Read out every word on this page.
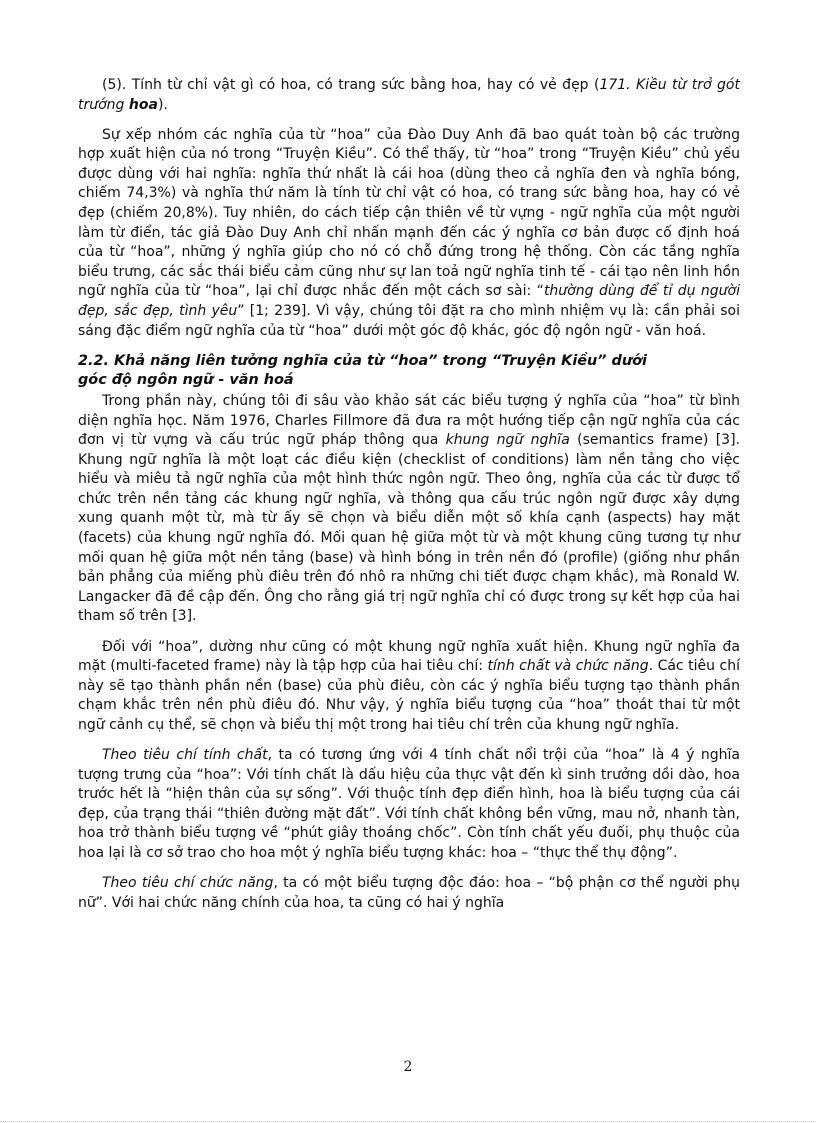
(5). Tính từ chỉ vật gì có hoa, có trang sức bằng hoa, hay có vẻ đẹp (171. Kiều từ trở gót trướng hoa).

Sự xếp nhóm các nghĩa của từ “hoa” của Đào Duy Anh đã bao quát toàn bộ các trường hợp xuất hiện của nó trong “Truyện Kiều”. Có thể thấy, từ “hoa” trong “Truyện Kiều” chủ yếu được dùng với hai nghĩa: nghĩa thứ nhất là cái hoa (dùng theo cả nghĩa đen và nghĩa bóng, chiếm 74,3%) và nghĩa thứ năm là tính từ chỉ vật có hoa, có trang sức bằng hoa, hay có vẻ đẹp (chiếm 20,8%). Tuy nhiên, do cách tiếp cận thiên về từ vựng - ngữ nghĩa của một người làm từ điển, tác giả Đào Duy Anh chỉ nhấn mạnh đến các ý nghĩa cơ bản được cố định hoá của từ “hoa”, những ý nghĩa giúp cho nó có chỗ đứng trong hệ thống. Còn các tầng nghĩa biểu trưng, các sắc thái biểu cảm cũng như sự lan toả ngữ nghĩa tinh tế - cái tạo nên linh hồn ngữ nghĩa của từ “hoa”, lại chỉ được nhắc đến một cách sơ sài: “thường dùng để tỉ dụ người đẹp, sắc đẹp, tình yêu” [1; 239]. Vì vậy, chúng tôi đặt ra cho mình nhiệm vụ là: cần phải soi sáng đặc điểm ngữ nghĩa của từ “hoa” dưới một góc độ khác, góc độ ngôn ngữ - văn hoá.

2.2. Khả năng liên tưởng nghĩa của từ “hoa” trong “Truyện Kiều” dưới
góc độ ngôn ngữ - văn hoá

Trong phần này, chúng tôi đi sâu vào khảo sát các biểu tượng ý nghĩa của “hoa” từ bình diện nghĩa học. Năm 1976, Charles Fillmore đã đưa ra một hướng tiếp cận ngữ nghĩa của các đơn vị từ vựng và cấu trúc ngữ pháp thông qua khung ngữ nghĩa (semantics frame) [3]. Khung ngữ nghĩa là một loạt các điều kiện (checklist of conditions) làm nền tảng cho việc hiểu và miêu tả ngữ nghĩa của một hình thức ngôn ngữ. Theo ông, nghĩa của các từ được tổ chức trên nền tảng các khung ngữ nghĩa, và thông qua cấu trúc ngôn ngữ được xây dựng xung quanh một từ, mà từ ấy sẽ chọn và biểu diễn một số khía cạnh (aspects) hay mặt (facets) của khung ngữ nghĩa đó. Mối quan hệ giữa một từ và một khung cũng tương tự như mối quan hệ giữa một nền tảng (base) và hình bóng in trên nền đó (profile) (giống như phần bản phẳng của miếng phù điêu trên đó nhô ra những chi tiết được chạm khắc), mà Ronald W. Langacker đã đề cập đến. Ông cho rằng giá trị ngữ nghĩa chỉ có được trong sự kết hợp của hai tham số trên [3].

Đối với “hoa”, dường như cũng có một khung ngữ nghĩa xuất hiện. Khung ngữ nghĩa đa mặt (multi-faceted frame) này là tập hợp của hai tiêu chí: tính chất và chức năng. Các tiêu chí này sẽ tạo thành phần nền (base) của phù điêu, còn các ý nghĩa biểu tượng tạo thành phần chạm khắc trên nền phù điêu đó. Như vậy, ý nghĩa biểu tượng của “hoa” thoát thai từ một ngữ cảnh cụ thể, sẽ chọn và biểu thị một trong hai tiêu chí trên của khung ngữ nghĩa.

Theo tiêu chí tính chất, ta có tương ứng với 4 tính chất nổi trội của “hoa” là 4 ý nghĩa tượng trưng của “hoa”: Với tính chất là dấu hiệu của thực vật đến kì sinh trưởng dồi dào, hoa trước hết là “hiện thân của sự sống”. Với thuộc tính đẹp điển hình, hoa là biểu tượng của cái đẹp, của trạng thái “thiên đường mặt đất”. Với tính chất không bền vững, mau nở, nhanh tàn, hoa trở thành biểu tượng về “phút giây thoáng chốc”. Còn tính chất yếu đuối, phụ thuộc của hoa lại là cơ sở trao cho hoa một ý nghĩa biểu tượng khác: hoa – “thực thể thụ động”.

Theo tiêu chí chức năng, ta có một biểu tượng độc đáo: hoa – “bộ phận cơ thể người phụ nữ”. Với hai chức năng chính của hoa, ta cũng có hai ý nghĩa

2
